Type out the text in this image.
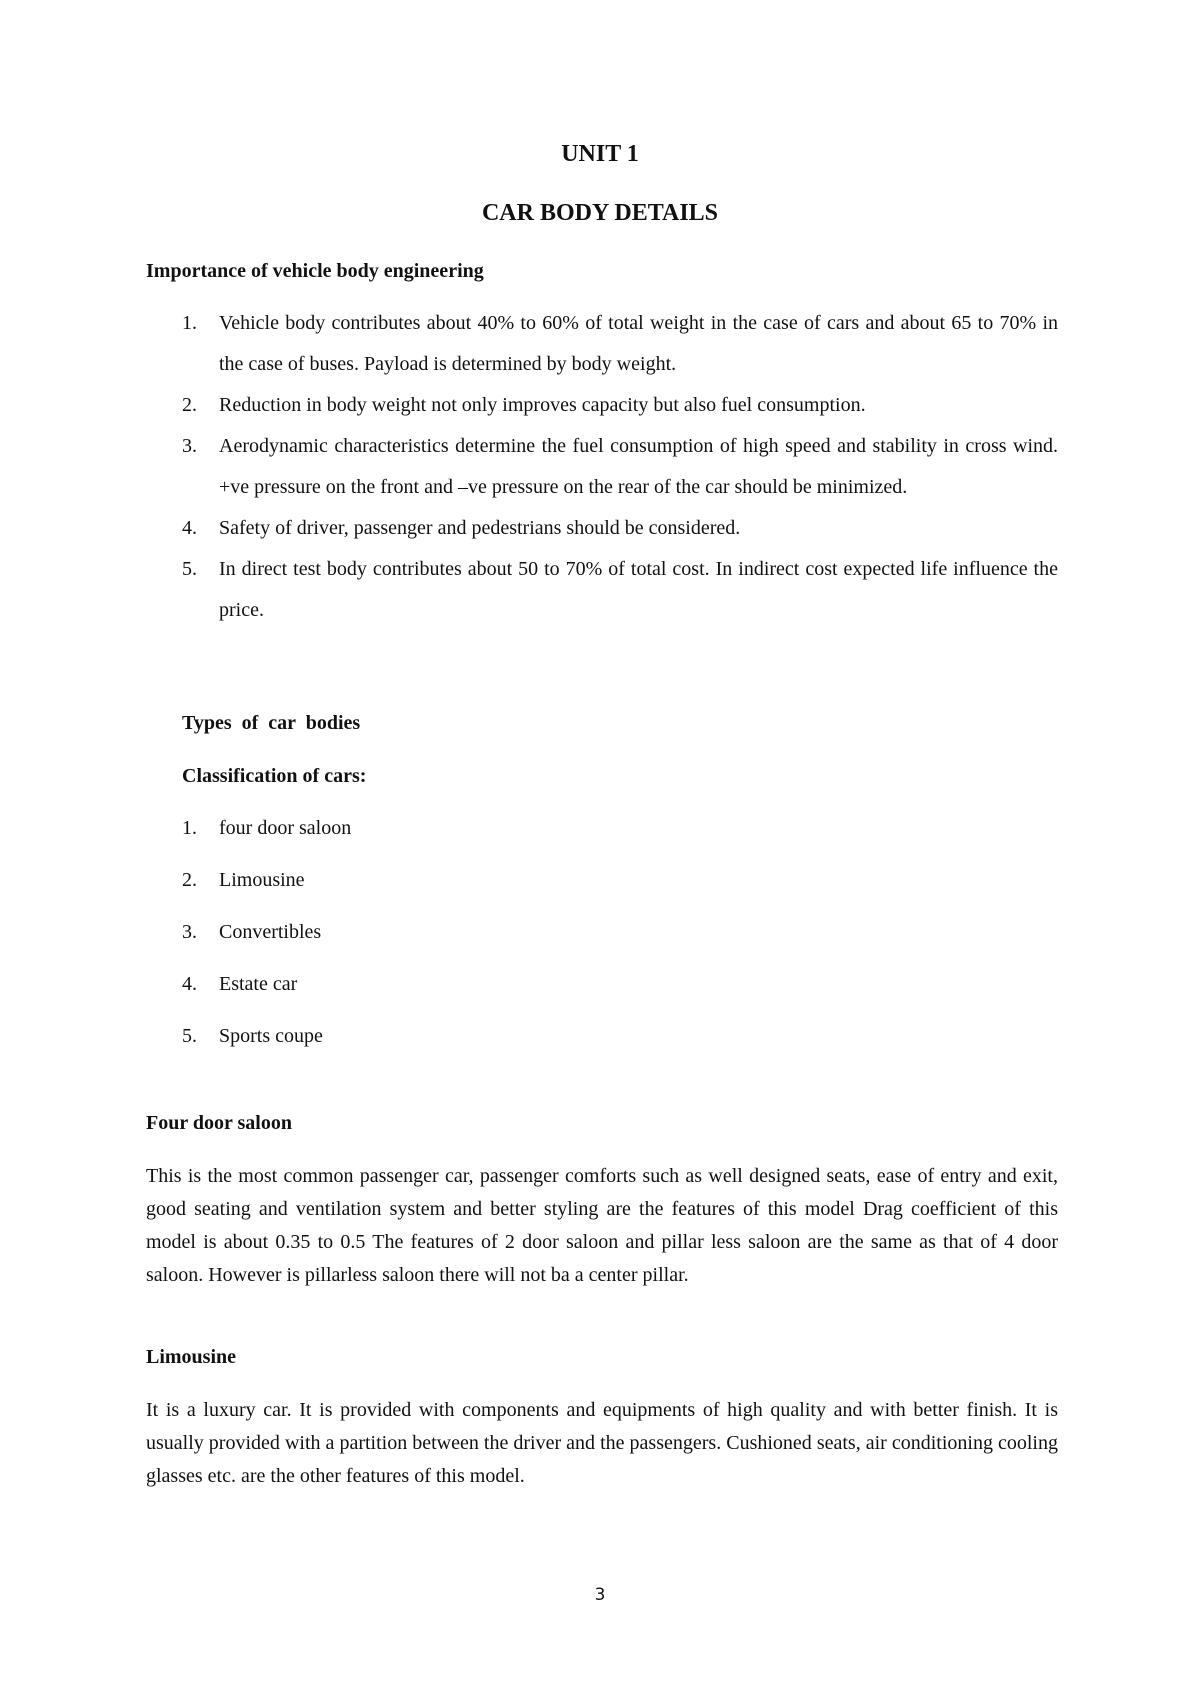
UNIT 1
CAR BODY DETAILS
Importance of vehicle body engineering
1. Vehicle body contributes about 40% to 60% of total weight in the case of cars and about 65 to 70% in the case of buses. Payload is determined by body weight.
2. Reduction in body weight not only improves capacity but also fuel consumption.
3. Aerodynamic characteristics determine the fuel consumption of high speed and stability in cross wind. +ve pressure on the front and –ve pressure on the rear of the car should be minimized.
4. Safety of driver, passenger and pedestrians should be considered.
5. In direct test body contributes about 50 to 70% of total cost. In indirect cost expected life influence the price.
Types  of  car  bodies
Classification of cars:
1. four door saloon
2. Limousine
3. Convertibles
4. Estate car
5. Sports coupe
Four door saloon
This is the most common passenger car, passenger comforts such as well designed seats, ease of entry and exit, good seating and ventilation system and better styling are the features of this model Drag coefficient of this model is about 0.35 to 0.5 The features of 2 door saloon and pillar less saloon are the same as that of 4 door saloon. However is pillarless saloon there will not ba a center pillar.
Limousine
It is a luxury car. It is provided with components and equipments of high quality and with better finish. It is usually provided with a partition between the driver and the passengers. Cushioned seats, air conditioning cooling glasses etc. are the other features of this model.
3
